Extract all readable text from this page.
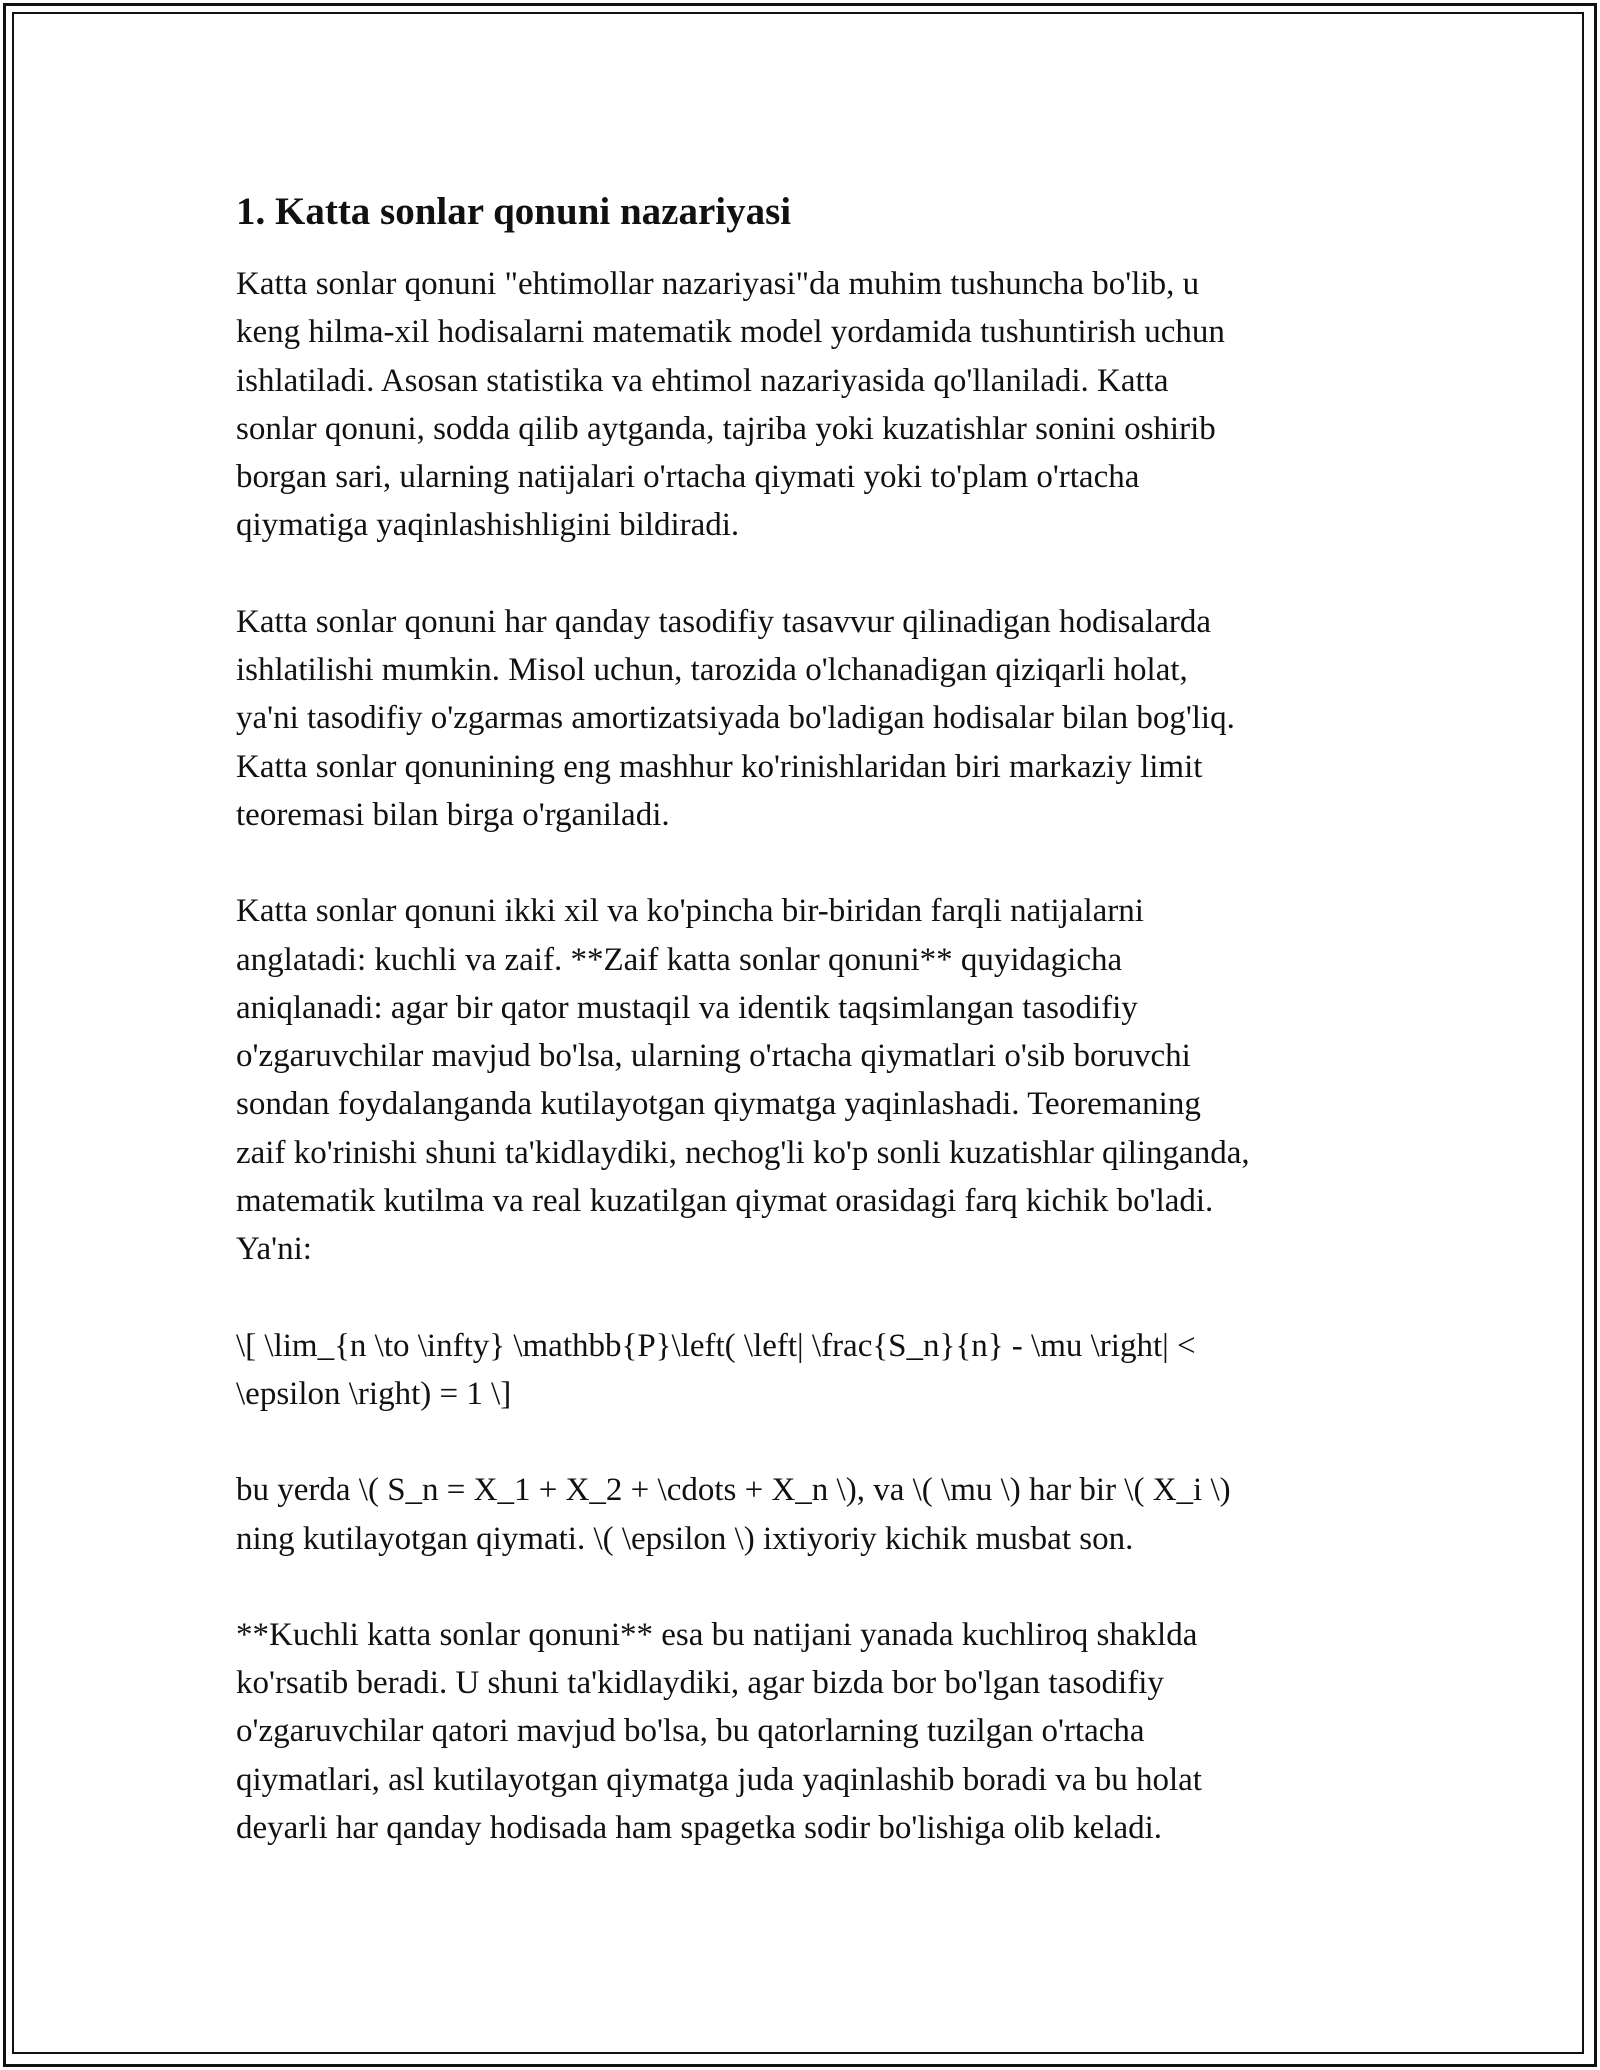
1. Katta sonlar qonuni nazariyasi

Katta sonlar qonuni "ehtimollar nazariyasi"da muhim tushuncha bo'lib, u
keng hilma-xil hodisalarni matematik model yordamida tushuntirish uchun
ishlatiladi. Asosan statistika va ehtimol nazariyasida qo'llaniladi. Katta
sonlar qonuni, sodda qilib aytganda, tajriba yoki kuzatishlar sonini oshirib
borgan sari, ularning natijalari o'rtacha qiymati yoki to'plam o'rtacha
qiymatiga yaqinlashishligini bildiradi.

Katta sonlar qonuni har qanday tasodifiy tasavvur qilinadigan hodisalarda
ishlatilishi mumkin. Misol uchun, tarozida o'lchanadigan qiziqarli holat,
ya'ni tasodifiy o'zgarmas amortizatsiyada bo'ladigan hodisalar bilan bog'liq.
Katta sonlar qonunining eng mashhur ko'rinishlaridan biri markaziy limit
teoremasi bilan birga o'rganiladi.

Katta sonlar qonuni ikki xil va ko'pincha bir-biridan farqli natijalarni
anglatadi: kuchli va zaif. **Zaif katta sonlar qonuni** quyidagicha
aniqlanadi: agar bir qator mustaqil va identik taqsimlangan tasodifiy
o'zgaruvchilar mavjud bo'lsa, ularning o'rtacha qiymatlari o'sib boruvchi
sondan foydalanganda kutilayotgan qiymatga yaqinlashadi. Teoremaning
zaif ko'rinishi shuni ta'kidlaydiki, nechog'li ko'p sonli kuzatishlar qilinganda,
matematik kutilma va real kuzatilgan qiymat orasidagi farq kichik bo'ladi.
Ya'ni:

\[ \lim_{n \to \infty} \mathbb{P}\left( \left| \frac{S_n}{n} - \mu \right| <
\epsilon \right) = 1 \]

bu yerda \( S_n = X_1 + X_2 + \cdots + X_n \), va \( \mu \) har bir \( X_i \)
ning kutilayotgan qiymati. \( \epsilon \) ixtiyoriy kichik musbat son.

**Kuchli katta sonlar qonuni** esa bu natijani yanada kuchliroq shaklda
ko'rsatib beradi. U shuni ta'kidlaydiki, agar bizda bor bo'lgan tasodifiy
o'zgaruvchilar qatori mavjud bo'lsa, bu qatorlarning tuzilgan o'rtacha
qiymatlari, asl kutilayotgan qiymatga juda yaqinlashib boradi va bu holat
deyarli har qanday hodisada ham spagetka sodir bo'lishiga olib keladi.
